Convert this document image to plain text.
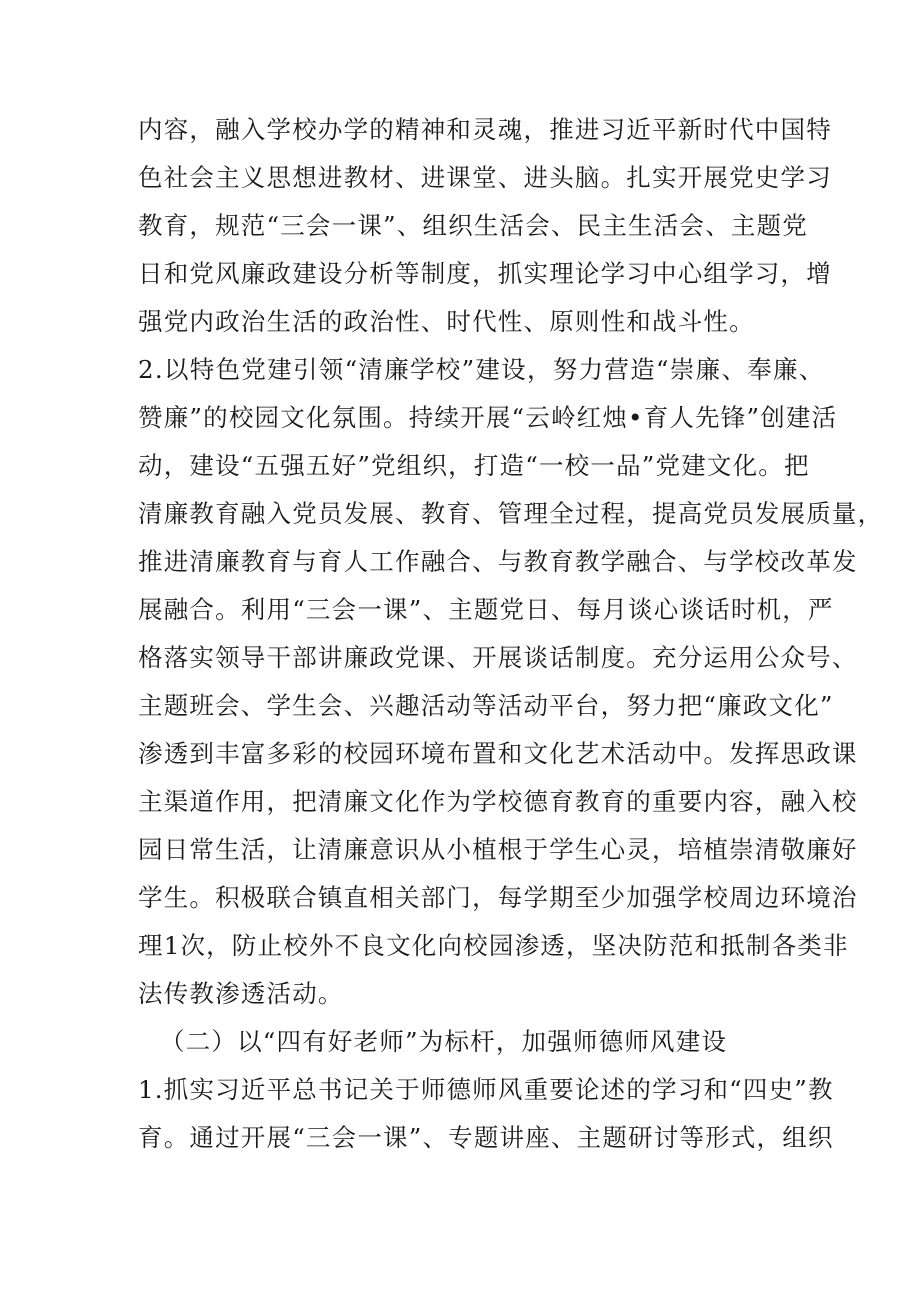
内容，融入学校办学的精神和灵魂，推进习近平新时代中国特
色社会主义思想进教材、进课堂、进头脑。扎实开展党史学习
教育，规范“三会一课”、组织生活会、民主生活会、主题党
日和党风廉政建设分析等制度，抓实理论学习中心组学习，增
强党内政治生活的政治性、时代性、原则性和战斗性。
2.以特色党建引领“清廉学校”建设，努力营造“崇廉、奉廉、
赞廉”的校园文化氛围。持续开展“云岭红烛•育人先锋”创建活
动，建设“五强五好”党组织，打造“一校一品”党建文化。把
清廉教育融入党员发展、教育、管理全过程，提高党员发展质量，
推进清廉教育与育人工作融合、与教育教学融合、与学校改革发
展融合。利用“三会一课”、主题党日、每月谈心谈话时机，严
格落实领导干部讲廉政党课、开展谈话制度。充分运用公众号、
主题班会、学生会、兴趣活动等活动平台，努力把“廉政文化”
渗透到丰富多彩的校园环境布置和文化艺术活动中。发挥思政课
主渠道作用，把清廉文化作为学校德育教育的重要内容，融入校
园日常生活，让清廉意识从小植根于学生心灵，培植崇清敬廉好
学生。积极联合镇直相关部门，每学期至少加强学校周边环境治
理1次，防止校外不良文化向校园渗透，坚决防范和抵制各类非
法传教渗透活动。
（二）以“四有好老师”为标杆，加强师德师风建设
1.抓实习近平总书记关于师德师风重要论述的学习和“四史”教
育。通过开展“三会一课”、专题讲座、主题研讨等形式，组织
